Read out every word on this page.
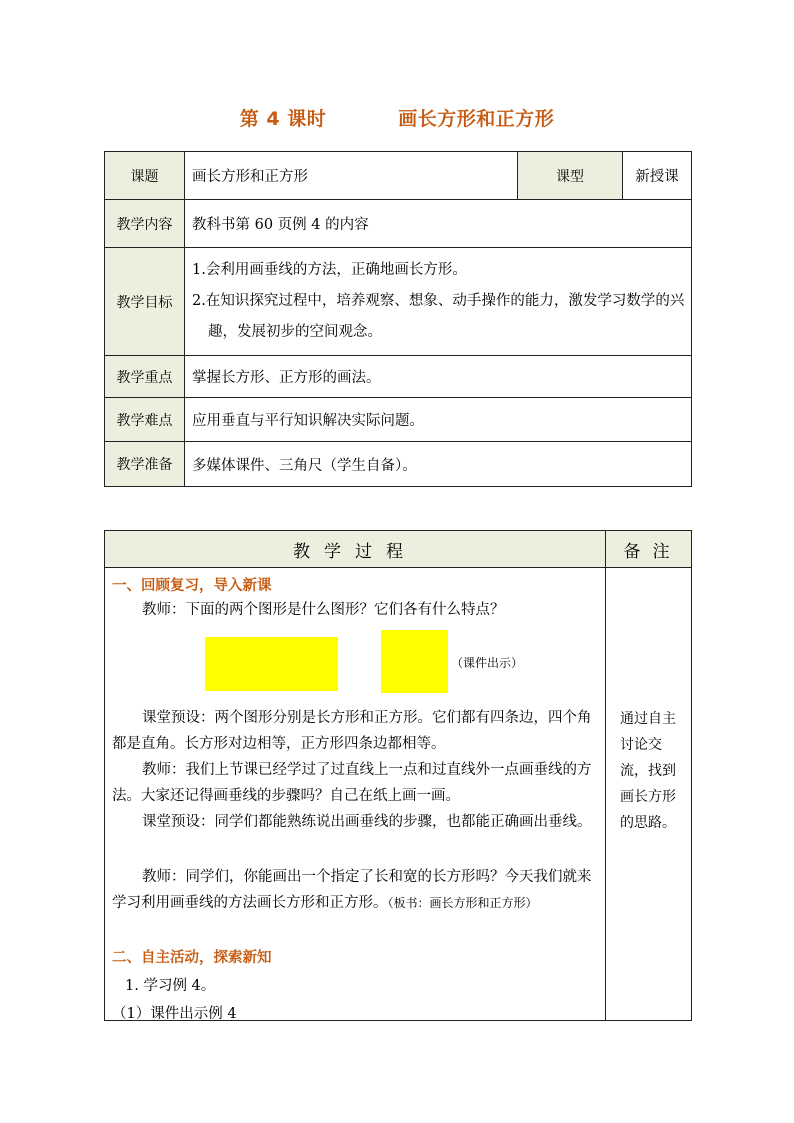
第 4 课时	画长方形和正方形
课题	画长方形和正方形	课型	新授课
教学内容	教科书第 60 页例 4 的内容		
教学目标	1.会利用画垂线的方法，正确地画长方形。
2.在知识探究过程中，培养观察、想象、动手操作的能力，激发学习数学的兴趣，发展初步的空间观念。		

教学重点	掌握长方形、正方形的画法。		
教学难点	应用垂直与平行知识解决实际问题。		
教学准备	多媒体课件、三角尺（学生自备）。		
教学过程	备注

一、回顾复习，导入新课
教师：下面的两个图形是什么图形？它们各有什么特点？
（课件出示）
课堂预设：两个图形分别是长方形和正方形。它们都有四条边，四个角都是直角。长方形对边相等，正方形四条边都相等。
教师：我们上节课已经学过了过直线上一点和过直线外一点画垂线的方法。大家还记得画垂线的步骤吗？自己在纸上画一画。
课堂预设：同学们都能熟练说出画垂线的步骤，也都能正确画出垂线。
教师：同学们，你能画出一个指定了长和宽的长方形吗？今天我们就来学习利用画垂线的方法画长方形和正方形。（板书：画长方形和正方形）
二、自主活动，探索新知
1. 学习例 4。
（1）课件出示例 4
通过自主讨论交流，找到画长方形的思路。
